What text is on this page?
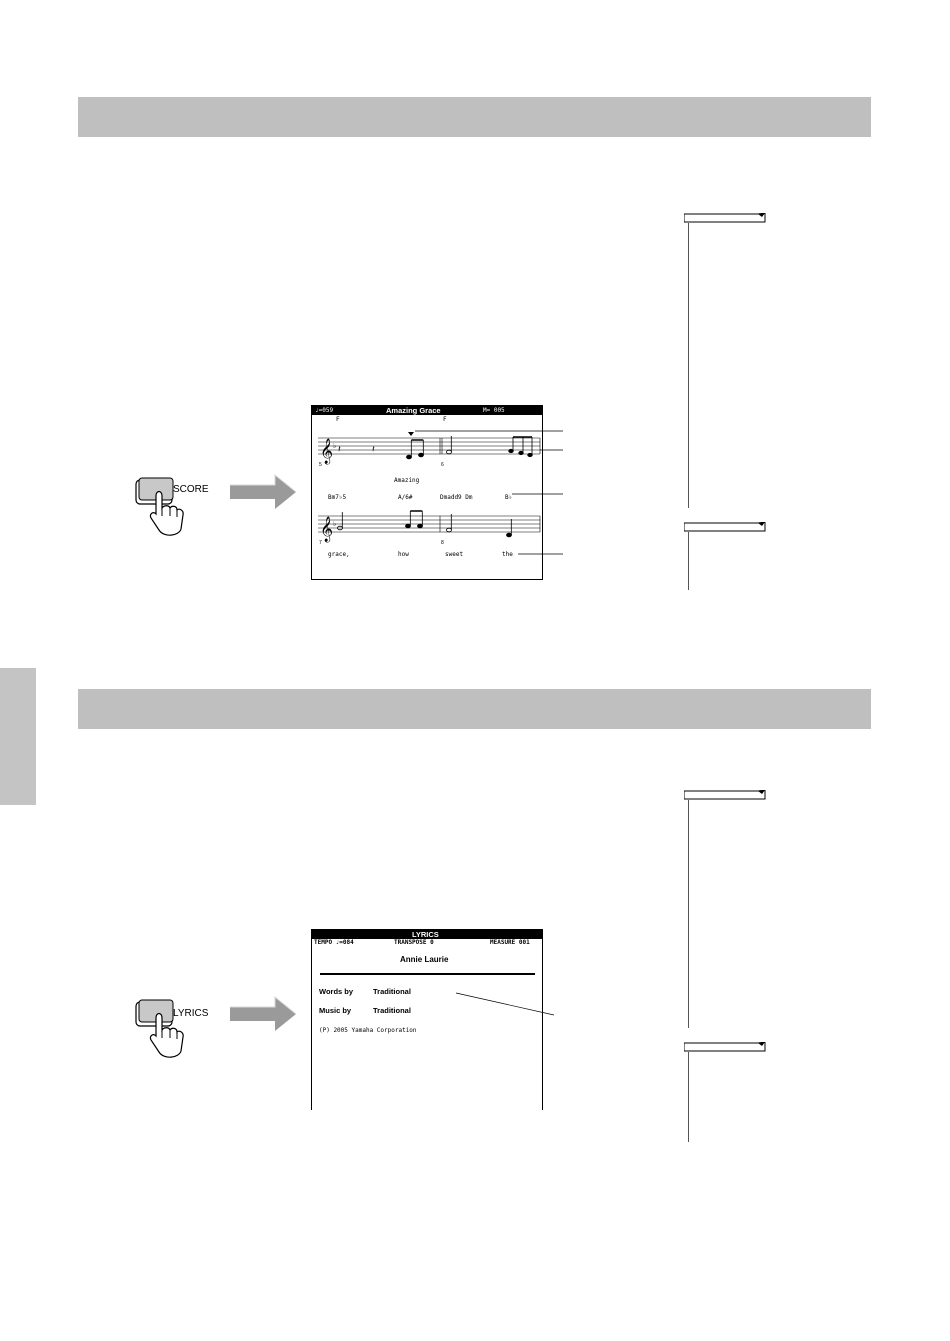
SCORE
♩=059	Amazing Grace	M= 005
F	F
𝄞 ♭ 𝄽	𝄽
5	6
Amazing
Bm7♭5	A/6#	Dmadd9 Dm	B♭
𝄞 ♭
7	8
grace,	how	sweet	the
LYRICS
LYRICS
TEMPO ♩=084	TRANSPOSE 0	MEASURE 001
Annie Laurie
Words by	Traditional
Music by	Traditional
(P) 2005 Yamaha Corporation
